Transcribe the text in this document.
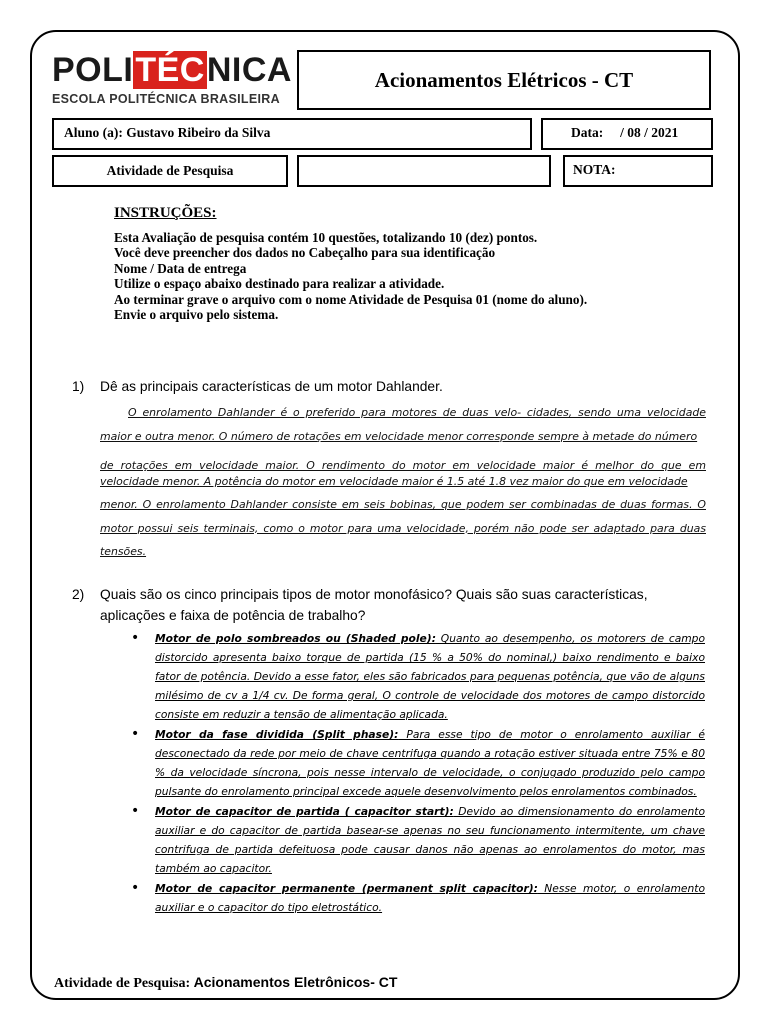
POLITÉCNICA
ESCOLA POLITÉCNICA BRASILEIRA
Acionamentos Elétricos - CT
Aluno (a): Gustavo Ribeiro da Silva	Data:     / 08 / 2021
Atividade de Pesquisa	NOTA:
INSTRUÇÕES:
Esta Avaliação de pesquisa contém 10 questões, totalizando 10 (dez) pontos.
Você deve preencher dos dados no Cabeçalho para sua identificação
Nome / Data de entrega
Utilize o espaço abaixo destinado para realizar a atividade.
Ao terminar grave o arquivo com o nome Atividade de Pesquisa 01 (nome do aluno).
Envie o arquivo pelo sistema.
1) Dê as principais características de um motor Dahlander.
O enrolamento Dahlander é o preferido para motores de duas velo- cidades, sendo uma velocidade maior e outra menor. O número de rotações em velocidade menor corresponde sempre à metade do número
de rotações em velocidade maior. O rendimento do motor em velocidade maior é melhor do que em velocidade menor. A potência do motor em velocidade maior é 1.5 até 1.8 vez maior do que em velocidade
menor. O enrolamento Dahlander consiste em seis bobinas, que podem ser combinadas de duas formas. O motor possui seis terminais, como o motor para uma velocidade, porém não pode ser adaptado para duas tensões.
2) Quais são os cinco principais tipos de motor monofásico? Quais são suas características, aplicações e faixa de potência de trabalho?
• Motor de polo sombreados ou (Shaded pole): Quanto ao desempenho, os motorers de campo distorcido apresenta baixo torque de partida (15 % a 50% do nominal,) baixo rendimento e baixo fator de potência. Devido a esse fator, eles são fabricados para pequenas potência, que vão de alguns milésimo de cv a 1/4 cv. De forma geral, O controle de velocidade dos motores de campo distorcido consiste em reduzir a tensão de alimentação aplicada.
• Motor da fase dividida (Split phase): Para esse tipo de motor o enrolamento auxiliar é desconectado da rede por meio de chave centrifuga quando a rotação estiver situada entre 75% e 80 % da velocidade síncrona, pois nesse intervalo de velocidade, o conjugado produzido pelo campo pulsante do enrolamento principal excede aquele desenvolvimento pelos enrolamentos combinados.
• Motor de capacitor de partida ( capacitor start): Devido ao dimensionamento do enrolamento auxiliar e do capacitor de partida basear-se apenas no seu funcionamento intermitente, um chave contrifuga de partida defeituosa pode causar danos não apenas ao enrolamentos do motor, mas também ao capacitor.
• Motor de capacitor permanente (permanent split capacitor): Nesse motor, o enrolamento auxiliar e o capacitor do tipo eletrostático.
Atividade de Pesquisa: Acionamentos Eletrônicos- CT
